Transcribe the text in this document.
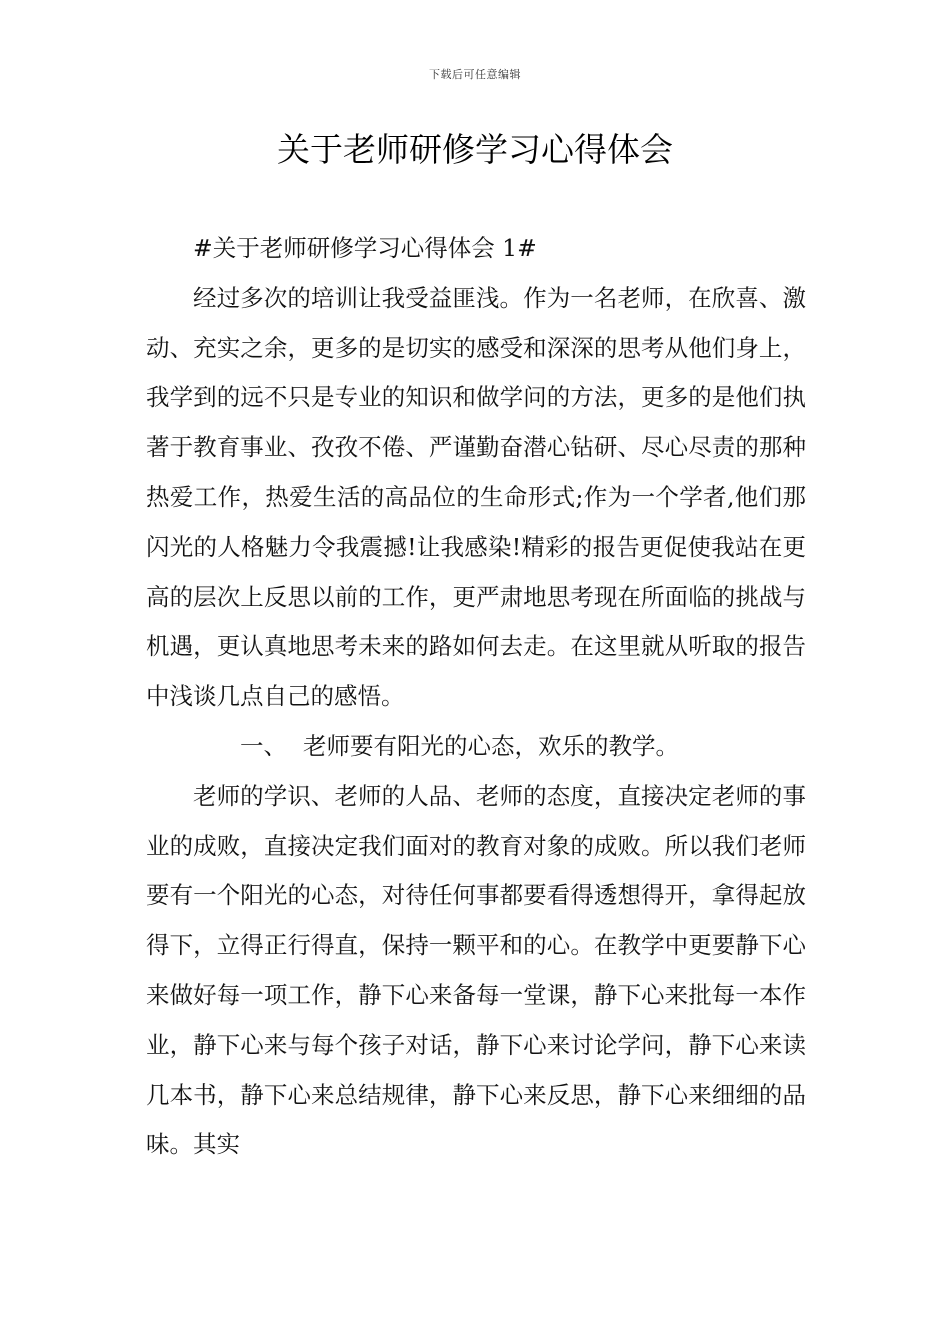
下载后可任意编辑
关于老师研修学习心得体会

#关于老师研修学习心得体会 1#

经过多次的培训让我受益匪浅。作为一名老师，在欣喜、激动、充实之余，更多的是切实的感受和深深的思考从他们身上，我学到的远不只是专业的知识和做学问的方法，更多的是他们执著于教育事业、孜孜不倦、严谨勤奋潜心钻研、尽心尽责的那种热爱工作，热爱生活的高品位的生命形式;作为一个学者,他们那闪光的人格魅力令我震撼!让我感染!精彩的报告更促使我站在更高的层次上反思以前的工作，更严肃地思考现在所面临的挑战与机遇，更认真地思考未来的路如何去走。在这里就从听取的报告中浅谈几点自己的感悟。

一、 老师要有阳光的心态，欢乐的教学。

老师的学识、老师的人品、老师的态度，直接决定老师的事业的成败，直接决定我们面对的教育对象的成败。所以我们老师要有一个阳光的心态，对待任何事都要看得透想得开，拿得起放得下，立得正行得直，保持一颗平和的心。在教学中更要静下心来做好每一项工作，静下心来备每一堂课，静下心来批每一本作业，静下心来与每个孩子对话，静下心来讨论学问，静下心来读几本书，静下心来总结规律，静下心来反思，静下心来细细的品味。其实
